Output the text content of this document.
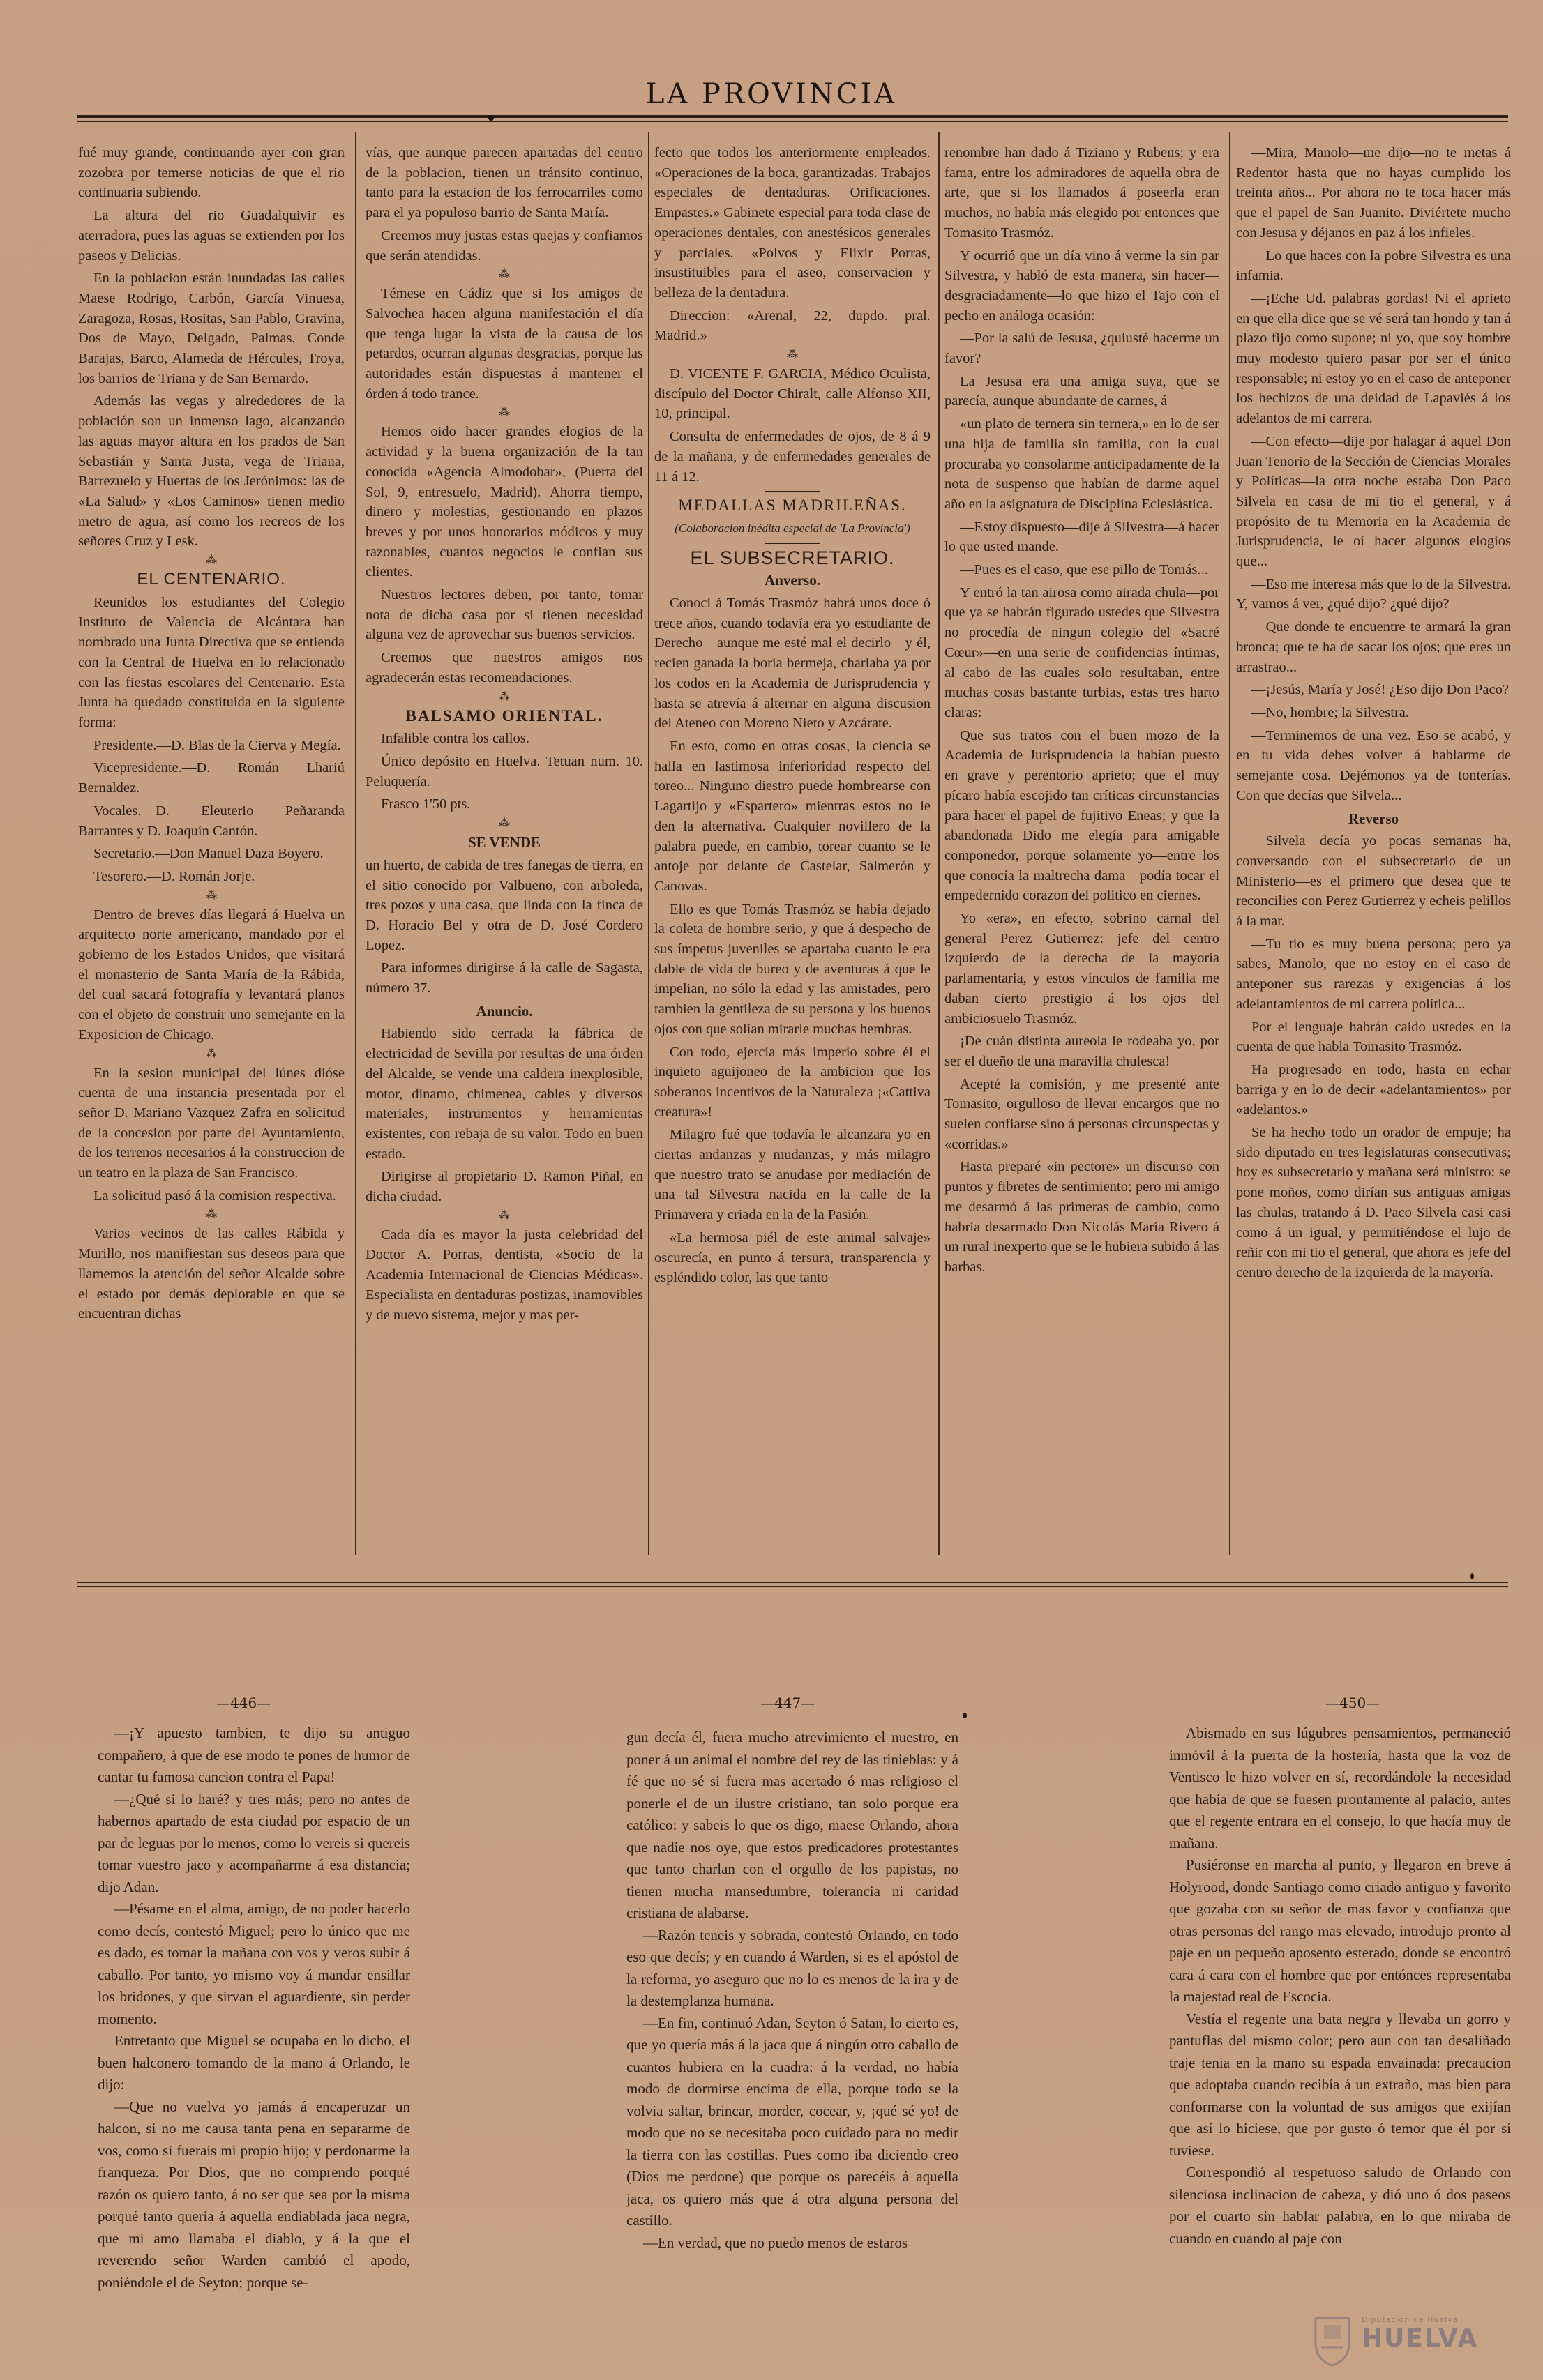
LA PROVINCIA

fué muy grande, continuando ayer con gran zozobra por temerse noticias de que el rio continuaria subiendo.

La altura del rio Guadalquivir es aterradora, pues las aguas se extienden por los paseos y Delicias.

En la poblacion están inundadas las calles Maese Rodrigo, Carbón, García Vinuesa, Zaragoza, Rosas, Rositas, San Pablo, Gravina, Dos de Mayo, Delgado, Palmas, Conde Barajas, Barco, Alameda de Hércules, Troya, los barrios de Triana y de San Bernardo.

Además las vegas y alrededores de la población son un inmenso lago, alcanzando las aguas mayor altura en los prados de San Sebastián y Santa Justa, vega de Triana, Barrezuelo y Huertas de los Jerónimos: las de «La Salud» y «Los Caminos» tienen medio metro de agua, así como los recreos de los señores Cruz y Lesk.

⁂

EL CENTENARIO.

Reunidos los estudiantes del Colegio Instituto de Valencia de Alcántara han nombrado una Junta Directiva que se entienda con la Central de Huelva en lo relacionado con las fiestas escolares del Centenario. Esta Junta ha quedado constituida en la siguiente forma:

Presidente.—D. Blas de la Cierva y Megía.

Vicepresidente.—D. Román Lhariú Bernaldez.

Vocales.—D. Eleuterio Peñaranda Barrantes y D. Joaquín Cantón.

Secretario.—Don Manuel Daza Boyero.

Tesorero.—D. Román Jorje.

⁂

Dentro de breves días llegará á Huelva un arquitecto norte americano, mandado por el gobierno de los Estados Unidos, que visitará el monasterio de Santa María de la Rábida, del cual sacará fotografía y levantará planos con el objeto de construir uno semejante en la Exposicion de Chicago.

⁂

En la sesion municipal del lúnes dióse cuenta de una instancia presentada por el señor D. Mariano Vazquez Zafra en solicitud de la concesion por parte del Ayuntamiento, de los terrenos necesarios á la construccion de un teatro en la plaza de San Francisco.

La solicitud pasó á la comision respectiva.

⁂

Varios vecinos de las calles Rábida y Murillo, nos manifiestan sus deseos para que llamemos la atención del señor Alcalde sobre el estado por demás deplorable en que se encuentran dichas

vías, que aunque parecen apartadas del centro de la poblacion, tienen un tránsito continuo, tanto para la estacion de los ferrocarriles como para el ya populoso barrio de Santa María.

Creemos muy justas estas quejas y confiamos que serán atendidas.

⁂

Témese en Cádiz que si los amigos de Salvochea hacen alguna manifestación el día que tenga lugar la vista de la causa de los petardos, ocurran algunas desgracias, porque las autoridades están dispuestas á mantener el órden á todo trance.

⁂

Hemos oido hacer grandes elogios de la actividad y la buena organización de la tan conocida «Agencia Almodobar», (Puerta del Sol, 9, entresuelo, Madrid). Ahorra tiempo, dinero y molestias, gestionando en plazos breves y por unos honorarios módicos y muy razonables, cuantos negocios le confian sus clientes.

Nuestros lectores deben, por tanto, tomar nota de dicha casa por si tienen necesidad alguna vez de aprovechar sus buenos servicios.

Creemos que nuestros amigos nos agradecerán estas recomendaciones.

⁂

BALSAMO ORIENTAL.

Infalible contra los callos.

Único depósito en Huelva. Tetuan num. 10. Peluquería.

Frasco 1'50 pts.

⁂

SE VENDE

un huerto, de cabida de tres fanegas de tierra, en el sitio conocido por Valbueno, con arboleda, tres pozos y una casa, que linda con la finca de D. Horacio Bel y otra de D. José Cordero Lopez.

Para informes dirigirse á la calle de Sagasta, número 37.

Anuncio.

Habiendo sido cerrada la fábrica de electricidad de Sevilla por resultas de una órden del Alcalde, se vende una caldera inexplosible, motor, dinamo, chimenea, cables y diversos materiales, instrumentos y herramientas existentes, con rebaja de su valor. Todo en buen estado.

Dirigirse al propietario D. Ramon Piñal, en dicha ciudad.

⁂

Cada día es mayor la justa celebridad del Doctor A. Porras, dentista, «Socio de la Academia Internacional de Ciencias Médicas». Especialista en dentaduras postizas, inamovibles y de nuevo sistema, mejor y mas per-

fecto que todos los anteriormente empleados. «Operaciones de la boca, garantizadas. Trabajos especiales de dentaduras. Orificaciones. Empastes.» Gabinete especial para toda clase de operaciones dentales, con anestésicos generales y parciales. «Polvos y Elixir Porras, insustituibles para el aseo, conservacion y belleza de la dentadura.

Direccion: «Arenal, 22, dupdo. pral. Madrid.»

⁂

D. VICENTE F. GARCIA, Médico Oculista, discípulo del Doctor Chiralt, calle Alfonso XII, 10, principal.

Consulta de enfermedades de ojos, de 8 á 9 de la mañana, y de enfermedades generales de 11 á 12.

MEDALLAS MADRILEÑAS.

(Colaboracion inédita especial de 'La Provincia')

EL SUBSECRETARIO.

Anverso.

Conocí á Tomás Trasmóz habrá unos doce ó trece años, cuando todavía era yo estudiante de Derecho—aunque me esté mal el decirlo—y él, recien ganada la boria bermeja, charlaba ya por los codos en la Academia de Jurisprudencia y hasta se atrevía á alternar en alguna discusion del Ateneo con Moreno Nieto y Azcárate.

En esto, como en otras cosas, la ciencia se halla en lastimosa inferioridad respecto del toreo... Ninguno diestro puede hombrearse con Lagartijo y «Espartero» mientras estos no le den la alternativa. Cualquier novillero de la palabra puede, en cambio, torear cuanto se le antoje por delante de Castelar, Salmerón y Canovas.

Ello es que Tomás Trasmóz se habia dejado la coleta de hombre serio, y que á despecho de sus ímpetus juveniles se apartaba cuanto le era dable de vida de bureo y de aventuras á que le impelian, no sólo la edad y las amistades, pero tambien la gentileza de su persona y los buenos ojos con que solían mirarle muchas hembras.

Con todo, ejercía más imperio sobre él el inquieto aguijoneo de la ambicion que los soberanos incentivos de la Naturaleza ¡«Cattiva creatura»!

Milagro fué que todavía le alcanzara yo en ciertas andanzas y mudanzas, y más milagro que nuestro trato se anudase por mediación de una tal Silvestra nacida en la calle de la Primavera y criada en la de la Pasión.

«La hermosa piél de este animal salvaje» oscurecía, en punto á tersura, transparencia y espléndido color, las que tanto

renombre han dado á Tiziano y Rubens; y era fama, entre los admiradores de aquella obra de arte, que si los llamados á poseerla eran muchos, no había más elegido por entonces que Tomasito Trasmóz.

Y ocurrió que un día vino á verme la sin par Silvestra, y habló de esta manera, sin hacer—desgraciadamente—lo que hizo el Tajo con el pecho en análoga ocasión:

—Por la salú de Jesusa, ¿quiusté hacerme un favor?

La Jesusa era una amiga suya, que se parecía, aunque abundante de carnes, á

«un plato de ternera sin ternera,» en lo de ser una hija de familia sin familia, con la cual procuraba yo consolarme anticipadamente de la nota de suspenso que habían de darme aquel año en la asignatura de Disciplina Eclesiástica.

—Estoy dispuesto—dije á Silvestra—á hacer lo que usted mande.

—Pues es el caso, que ese pillo de Tomás...

Y entró la tan airosa como airada chula—por que ya se habrán figurado ustedes que Silvestra no procedía de ningun colegio del «Sacré Cœur»—en una serie de confidencias íntimas, al cabo de las cuales solo resultaban, entre muchas cosas bastante turbias, estas tres harto claras:

Que sus tratos con el buen mozo de la Academia de Jurisprudencia la habían puesto en grave y perentorio aprieto; que el muy pícaro había escojido tan críticas circunstancias para hacer el papel de fujitivo Eneas; y que la abandonada Dido me elegía para amigable componedor, porque solamente yo—entre los que conocía la maltrecha dama—podía tocar el empedernido corazon del político en ciernes.

Yo «era», en efecto, sobrino carnal del general Perez Gutierrez: jefe del centro izquierdo de la derecha de la mayoría parlamentaria, y estos vínculos de familia me daban cierto prestigio á los ojos del ambiciosuelo Trasmóz.

¡De cuán distinta aureola le rodeaba yo, por ser el dueño de una maravilla chulesca!

Acepté la comisión, y me presenté ante Tomasito, orgulloso de llevar encargos que no suelen confiarse sino á personas circunspectas y «corridas.»

Hasta preparé «in pectore» un discurso con puntos y fibretes de sentimiento; pero mi amigo me desarmó á las primeras de cambio, como habría desarmado Don Nicolás María Rivero á un rural inexperto que se le hubiera subido á las barbas.

—Mira, Manolo—me dijo—no te metas á Redentor hasta que no hayas cumplido los treinta años... Por ahora no te toca hacer más que el papel de San Juanito. Diviértete mucho con Jesusa y déjanos en paz á los infieles.

—Lo que haces con la pobre Silvestra es una infamia.

—¡Eche Ud. palabras gordas! Ni el aprieto en que ella dice que se vé será tan hondo y tan á plazo fijo como supone; ni yo, que soy hombre muy modesto quiero pasar por ser el único responsable; ni estoy yo en el caso de anteponer los hechizos de una deidad de Lapaviés á los adelantos de mi carrera.

—Con efecto—dije por halagar á aquel Don Juan Tenorio de la Sección de Ciencias Morales y Políticas—la otra noche estaba Don Paco Silvela en casa de mi tio el general, y á propósito de tu Memoria en la Academia de Jurisprudencia, le oí hacer algunos elogios que...

—Eso me interesa más que lo de la Silvestra. Y, vamos á ver, ¿qué dijo? ¿qué dijo?

—Que donde te encuentre te armará la gran bronca; que te ha de sacar los ojos; que eres un arrastrao...

—¡Jesús, María y José! ¿Eso dijo Don Paco?

—No, hombre; la Silvestra.

—Terminemos de una vez. Eso se acabó, y en tu vida debes volver á hablarme de semejante cosa. Dejémonos ya de tonterías. Con que decías que Silvela...

Reverso

—Silvela—decía yo pocas semanas ha, conversando con el subsecretario de un Ministerio—es el primero que desea que te reconcilies con Perez Gutierrez y echeis pelillos á la mar.

—Tu tío es muy buena persona; pero ya sabes, Manolo, que no estoy en el caso de anteponer sus rarezas y exigencias á los adelantamientos de mi carrera política...

Por el lenguaje habrán caido ustedes en la cuenta de que habla Tomasito Trasmóz.

Ha progresado en todo, hasta en echar barriga y en lo de decir «adelantamientos» por «adelantos.»

Se ha hecho todo un orador de empuje; ha sido diputado en tres legislaturas consecutivas; hoy es subsecretario y mañana será ministro: se pone moños, como dirían sus antiguas amigas las chulas, tratando á D. Paco Silvela casi casi como á un igual, y permitiéndose el lujo de reñir con mi tio el general, que ahora es jefe del centro derecho de la izquierda de la mayoría.

—446—	—447—	—450—

—¡Y apuesto tambien, te dijo su antiguo compañero, á que de ese modo te pones de humor de cantar tu famosa cancion contra el Papa!

—¿Qué si lo haré? y tres más; pero no antes de habernos apartado de esta ciudad por espacio de un par de leguas por lo menos, como lo vereis si quereis tomar vuestro jaco y acompañarme á esa distancia; dijo Adan.

—Pésame en el alma, amigo, de no poder hacerlo como decís, contestó Miguel; pero lo único que me es dado, es tomar la mañana con vos y veros subir á caballo. Por tanto, yo mismo voy á mandar ensillar los bridones, y que sirvan el aguardiente, sin perder momento.

Entretanto que Miguel se ocupaba en lo dicho, el buen halconero tomando de la mano á Orlando, le dijo:

—Que no vuelva yo jamás á encaperuzar un halcon, si no me causa tanta pena en separarme de vos, como si fuerais mi propio hijo; y perdonarme la franqueza. Por Dios, que no comprendo porqué razón os quiero tanto, á no ser que sea por la misma porqué tanto quería á aquella endiablada jaca negra, que mi amo llamaba el diablo, y á la que el reverendo señor Warden cambió el apodo, poniéndole el de Seyton; porque se-

gun decía él, fuera mucho atrevimiento el nuestro, en poner á un animal el nombre del rey de las tinieblas: y á fé que no sé si fuera mas acertado ó mas religioso el ponerle el de un ilustre cristiano, tan solo porque era católico: y sabeis lo que os digo, maese Orlando, ahora que nadie nos oye, que estos predicadores protestantes que tanto charlan con el orgullo de los papistas, no tienen mucha mansedumbre, tolerancia ni caridad cristiana de alabarse.

—Razón teneis y sobrada, contestó Orlando, en todo eso que decís; y en cuando á Warden, si es el apóstol de la reforma, yo aseguro que no lo es menos de la ira y de la destemplanza humana.

—En fin, continuó Adan, Seyton ó Satan, lo cierto es, que yo quería más á la jaca que á ningún otro caballo de cuantos hubiera en la cuadra: á la verdad, no había modo de dormirse encima de ella, porque todo se la volvia saltar, brincar, morder, cocear, y, ¡qué sé yo! de modo que no se necesitaba poco cuidado para no medir la tierra con las costillas. Pues como iba diciendo creo (Dios me perdone) que porque os parecéis á aquella jaca, os quiero más que á otra alguna persona del castillo.

—En verdad, que no puedo menos de estaros

Abismado en sus lúgubres pensamientos, permaneció inmóvil á la puerta de la hostería, hasta que la voz de Ventisco le hizo volver en sí, recordándole la necesidad que había de que se fuesen prontamente al palacio, antes que el regente entrara en el consejo, lo que hacía muy de mañana.

Pusiéronse en marcha al punto, y llegaron en breve á Holyrood, donde Santiago como criado antiguo y favorito que gozaba con su señor de mas favor y confianza que otras personas del rango mas elevado, introdujo pronto al paje en un pequeño aposento esterado, donde se encontró cara á cara con el hombre que por entónces representaba la majestad real de Escocia.

Vestía el regente una bata negra y llevaba un gorro y pantuflas del mismo color; pero aun con tan desaliñado traje tenia en la mano su espada envainada: precaucion que adoptaba cuando recibía á un extraño, mas bien para conformarse con la voluntad de sus amigos que exijían que así lo hiciese, que por gusto ó temor que él por sí tuviese.

Correspondió al respetuoso saludo de Orlando con silenciosa inclinacion de cabeza, y dió uno ó dos paseos por el cuarto sin hablar palabra, en lo que miraba de cuando en cuando al paje con

Diputación de Huelva
HUELVA
